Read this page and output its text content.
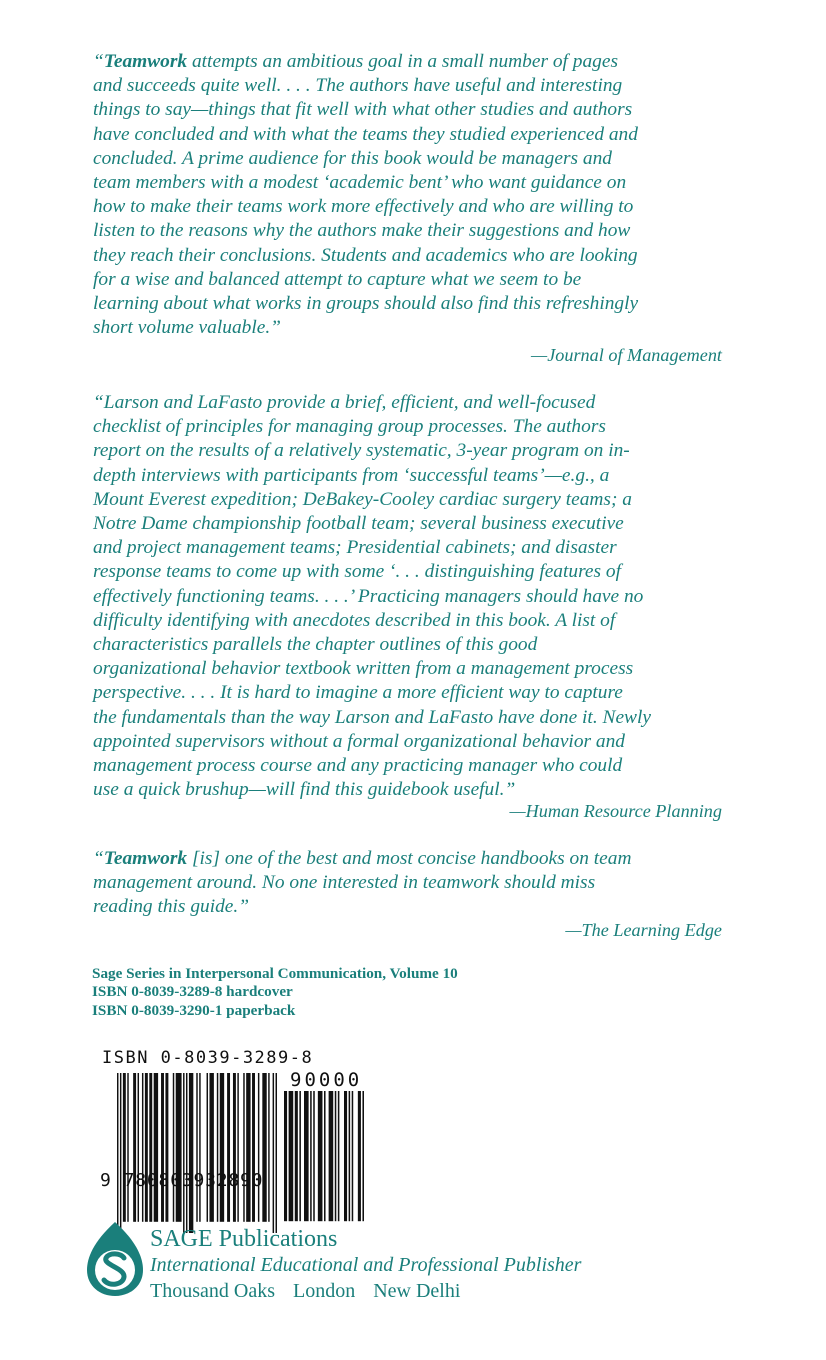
“Teamwork attempts an ambitious goal in a small number of pages

and succeeds quite well. . . . The authors have useful and interesting

things to say—things that fit well with what other studies and authors

have concluded and with what the teams they studied experienced and

concluded. A prime audience for this book would be managers and

team members with a modest ‘academic bent’ who want guidance on

how to make their teams work more effectively and who are willing to

listen to the reasons why the authors make their suggestions and how

they reach their conclusions. Students and academics who are looking

for a wise and balanced attempt to capture what we seem to be

learning about what works in groups should also find this refreshingly

short volume valuable.”

—Journal of Management

“Larson and LaFasto provide a brief, efficient, and well-focused

checklist of principles for managing group processes. The authors

report on the results of a relatively systematic, 3-year program on in-

depth interviews with participants from ‘successful teams’—e.g., a

Mount Everest expedition; DeBakey-Cooley cardiac surgery teams; a

Notre Dame championship football team; several business executive

and project management teams; Presidential cabinets; and disaster

response teams to come up with some ‘. . . distinguishing features of

effectively functioning teams. . . .’ Practicing managers should have no

difficulty identifying with anecdotes described in this book. A list of

characteristics parallels the chapter outlines of this good

organizational behavior textbook written from a management process

perspective. . . . It is hard to imagine a more efficient way to capture

the fundamentals than the way Larson and LaFasto have done it. Newly

appointed supervisors without a formal organizational behavior and

management process course and any practicing manager who could

use a quick brushup—will find this guidebook useful.”

—Human Resource Planning

“Teamwork [is] one of the best and most concise handbooks on team

management around. No one interested in teamwork should miss

reading this guide.”

—The Learning Edge
Sage Series in Interpersonal Communication, Volume 10
ISBN 0-8039-3289-8 hardcover
ISBN 0-8039-3290-1 paperback
ISBN 0-8039-3289-8
90000
9 780803932890
SAGE Publications
International Educational and Professional Publisher
Thousand Oaks London New Delhi
